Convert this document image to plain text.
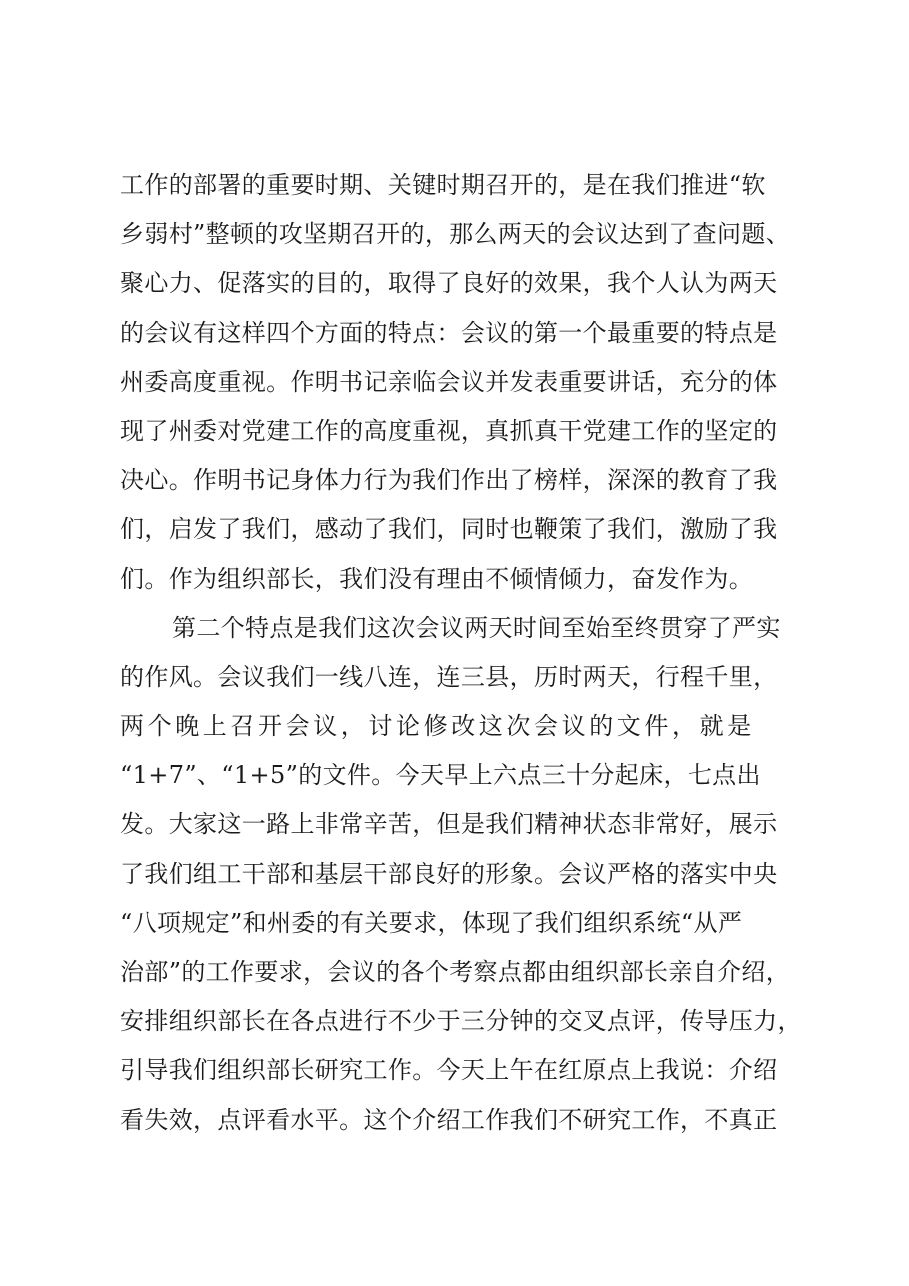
工作的部署的重要时期、关键时期召开的，是在我们推进“软
乡弱村”整顿的攻坚期召开的，那么两天的会议达到了查问题、
聚心力、促落实的目的，取得了良好的效果，我个人认为两天
的会议有这样四个方面的特点：会议的第一个最重要的特点是
州委高度重视。作明书记亲临会议并发表重要讲话，充分的体
现了州委对党建工作的高度重视，真抓真干党建工作的坚定的
决心。作明书记身体力行为我们作出了榜样，深深的教育了我
们，启发了我们，感动了我们，同时也鞭策了我们，激励了我
们。作为组织部长，我们没有理由不倾情倾力，奋发作为。
第二个特点是我们这次会议两天时间至始至终贯穿了严实
的作风。会议我们一线八连，连三县，历时两天，行程千里，
两个晚上召开会议，讨论修改这次会议的文件，就是
“1+7”、“1+5”的文件。今天早上六点三十分起床，七点出
发。大家这一路上非常辛苦，但是我们精神状态非常好，展示
了我们组工干部和基层干部良好的形象。会议严格的落实中央
“八项规定”和州委的有关要求，体现了我们组织系统“从严
治部”的工作要求，会议的各个考察点都由组织部长亲自介绍，
安排组织部长在各点进行不少于三分钟的交叉点评，传导压力，
引导我们组织部长研究工作。今天上午在红原点上我说：介绍
看失效，点评看水平。这个介绍工作我们不研究工作，不真正
